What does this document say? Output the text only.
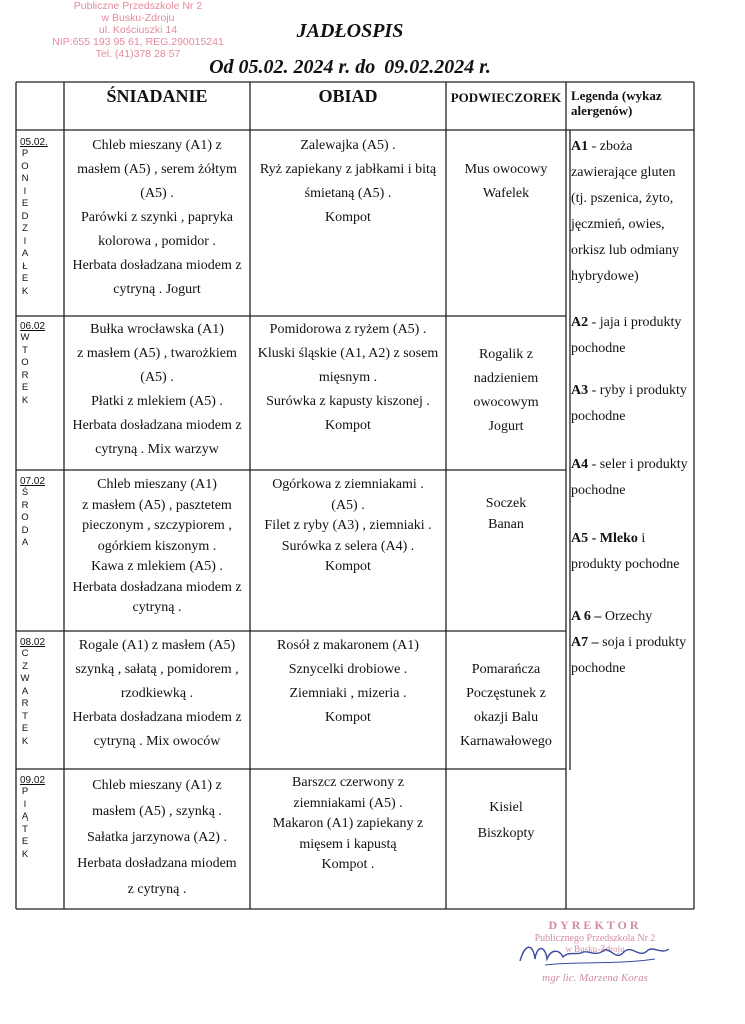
Publiczne Przedszkole Nr 2
w Busku-Zdroju
ul. Kościuszki 14
NIP:655 193 95 61, REG.290015241
Tel. (41)378 28 57
JADŁOSPIS
Od 05.02. 2024 r. do 09.02.2024 r.
ŚNIADANIE	OBIAD	PODWIECZOREK Legenda (wykaz alergenów)
05.02.
P
O
N
I
E
D
Z
I
A
Ł
E
K
Chleb mieszany (A1) z
masłem (A5) , serem żółtym
(A5) .
Parówki z szynki , papryka
kolorowa , pomidor .
Herbata dosładzana miodem z
cytryną . Jogurt
Zalewajka (A5) .
Ryż zapiekany z jabłkami i bitą
śmietaną (A5) .
Kompot
Mus owocowy
Wafelek
06.02
W
T
O
R
E
K
Bułka wrocławska (A1)
z masłem (A5) , twarożkiem
(A5) .
Płatki z mlekiem (A5) .
Herbata dosładzana miodem z
cytryną . Mix warzyw
Pomidorowa z ryżem (A5) .
Kluski śląskie (A1, A2) z sosem
mięsnym .
Surówka z kapusty kiszonej .
Kompot
Rogalik z
nadzieniem
owocowym
Jogurt
07.02
Ś
R
O
D
A
Chleb mieszany (A1)
z masłem (A5) , pasztetem
pieczonym , szczypiorem ,
ogórkiem kiszonym .
Kawa z mlekiem (A5) .
Herbata dosładzana miodem z
cytryną .
Ogórkowa z ziemniakami .
(A5) .
Filet z ryby (A3) , ziemniaki .
Surówka z selera (A4) .
Kompot
Soczek
Banan
08.02
C
Z
W
A
R
T
E
K
Rogale (A1) z masłem (A5)
szynką , sałatą , pomidorem ,
rzodkiewką .
Herbata dosładzana miodem z
cytryną . Mix owoców
Rosół z makaronem (A1)
Sznycelki drobiowe .
Ziemniaki , mizeria .
Kompot
Pomarańcza
Poczęstunek z
okazji Balu
Karnawałowego
09.02
P
I
Ą
T
E
K
Chleb mieszany (A1) z
masłem (A5) , szynką .
Sałatka jarzynowa (A2) .
Herbata dosładzana miodem
z cytryną .
Barszcz czerwony z
ziemniakami (A5) .
Makaron (A1) zapiekany z
mięsem i kapustą
Kompot .
Kisiel
Biszkopty

A1 - zboża zawierające gluten (tj. pszenica, żyto, jęczmień, owies, orkisz lub odmiany hybrydowe)

A2 - jaja i produkty pochodne

A3 - ryby i produkty pochodne

A4 - seler i produkty pochodne

A5 - Mleko i produkty pochodne

A 6 – Orzechy

A7 – soja i produkty pochodne

DYREKTOR
Publicznego Przedszkola Nr 2
w Busku-Zdroju
mgr lic. Marzena Koras
